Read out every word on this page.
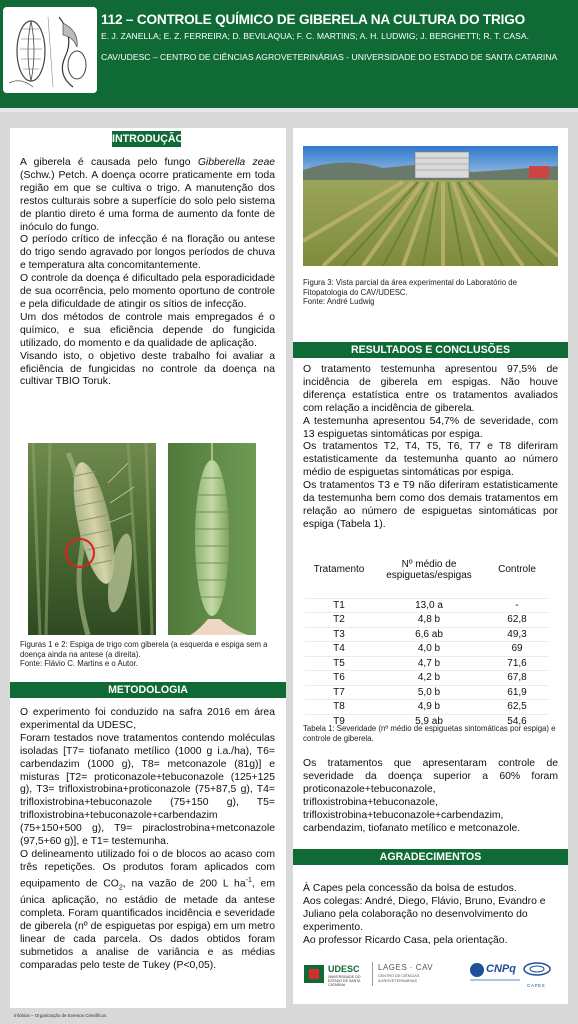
112 – CONTROLE QUÍMICO DE GIBERELA NA CULTURA DO TRIGO
E. J. ZANELLA; E. Z. FERREIRA; D. BEVILAQUA; F. C. MARTINS; A. H. LUDWIG; J. BERGHETTI; R. T. CASA.
CAV/UDESC – CENTRO DE CIÊNCIAS AGROVETERINÁRIAS - UNIVERSIDADE DO ESTADO DE SANTA CATARINA
INTRODUÇÃO

A giberela é causada pelo fungo Gibberella zeae (Schw.) Petch. A doença ocorre praticamente em toda região em que se cultiva o trigo. A manutenção dos restos culturais sobre a superfície do solo pelo sistema de plantio direto é uma forma de aumento da fonte de inóculo do fungo.

O período crítico de infecção é na floração ou antese do trigo sendo agravado por longos períodos de chuva e temperatura alta concomitantemente.

O controle da doença é dificultado pela esporadicidade de sua ocorrência, pelo momento oportuno de controle e pela dificuldade de atingir os sítios de infecção.

Um dos métodos de controle mais empregados é o químico, e sua eficiência depende do fungicida utilizado, do momento e da qualidade de aplicação.

Visando isto, o objetivo deste trabalho foi avaliar a eficiência de fungicidas no controle da doença na cultivar TBIO Toruk.

Figuras 1 e 2: Espiga de trigo com giberela (a esquerda e espiga sem a doença ainda na antese (a direita).
Fonte: Flávio C. Martins e o Autor.
METODOLOGIA

O experimento foi conduzido na safra 2016 em área experimental da UDESC,

Foram testados nove tratamentos contendo moléculas isoladas [T7= tiofanato metílico (1000 g i.a./ha), T6= carbendazim (1000 g), T8= metconazole (81g)] e misturas [T2= proticonazole+tebuconazole (125+125 g), T3= trifloxistrobina+proticonazole (75+87,5 g), T4= trifloxistrobina+tebuconazole (75+150 g), T5= trifloxistrobina+tebuconazole+carbendazim (75+150+500 g), T9= piraclostrobina+metconazole (97,5+60 g)], e T1= testemunha.

O delineamento utilizado foi o de blocos ao acaso com três repetições. Os produtos foram aplicados com equipamento de $CO_2$, na vazão de 200 L $ha^{-1}$, em única aplicação, no estádio de metade da antese completa. Foram quantificados incidência e severidade de giberela (nº de espiguetas por espiga) em um metro linear de cada parcela. Os dados obtidos foram submetidos a analise de variância e as médias comparadas pelo teste de Tukey (P<0,05).

Figura 3: Vista parcial da área experimental do Laboratório de Fitopatologia do CAV/UDESC.
Fonte: André Ludwig
RESULTADOS E CONCLUSÕES

O tratamento testemunha apresentou 97,5% de incidência de giberela em espigas. Não houve diferença estatística entre os tratamentos avaliados com relação a incidência de giberela.

A testemunha apresentou 54,7% de severidade, com 13 espiguetas sintomáticas por espiga.

Os tratamentos T2, T4, T5, T6, T7 e T8 diferiram estatisticamente da testemunha quanto ao número médio de espiguetas sintomáticas por espiga.

Os tratamentos T3 e T9 não diferiram estatisticamente da testemunha bem como dos demais tratamentos em relação ao número de espiguetas sintomáticas por espiga (Tabela 1).

Tratamento	Nº médio de espiguetas/espigas	Controle
T1	13,0 a	-
T2	4,8 b	62,8
T3	6,6 ab	49,3
T4	4,0 b	69
T5	4,7 b	71,6
T6	4,2 b	67,8
T7	5,0 b	61,9
T8	4,9 b	62,5
T9	5,9 ab	54,6
Tabela 1: Severidade (nº médio de espiguetas sintomáticas por espiga) e controle de giberela.

Os tratamentos que apresentaram controle de severidade da doença superior a 60% foram proticonazole+tebuconazole, trifloxistrobina+tebuconazole, trifloxistrobina+tebuconazole+carbendazim, carbendazim, tiofanato metílico e metconazole.

AGRADECIMENTOS

À Capes pela concessão da bolsa de estudos.

Aos colegas: André, Diego, Flávio, Bruno, Evandro e Juliano pela colaboração no desenvolvimento do experimento.

Ao professor Ricardo Casa, pela orientação.

UDESC
UNIVERSIDADE DO ESTADO DE SANTA CATARINA
LAGES · CAV
CENTRO DE CIÊNCIAS AGROVETERINÁRIAS
CNPq
CAPES
Infobios – Organização de Eventos Científicos
